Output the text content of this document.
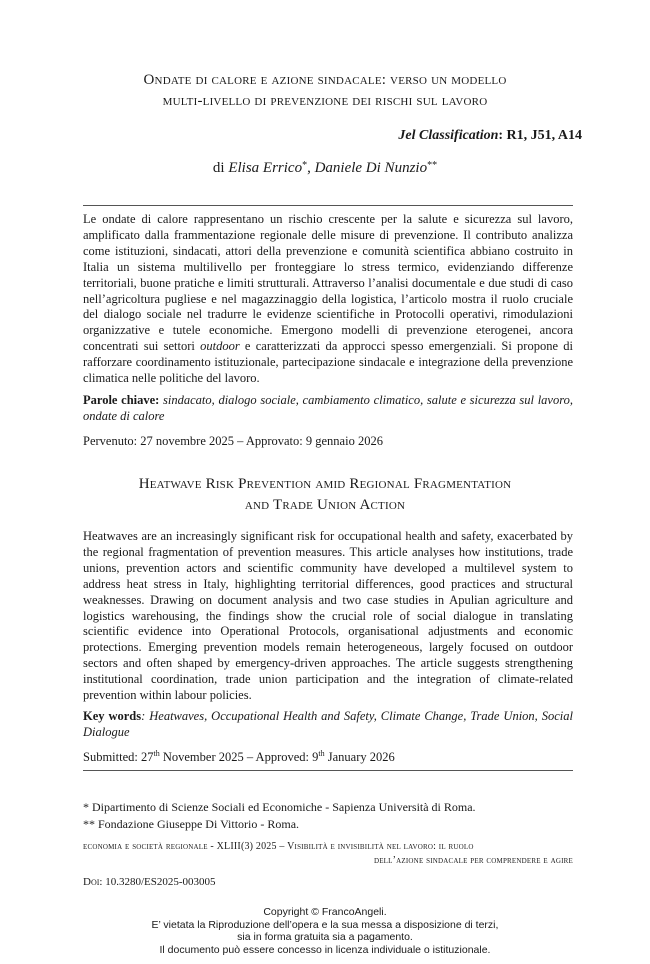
Ondate di calore e azione sindacale: verso un modello
multi-livello di prevenzione dei rischi sul lavoro
Jel Classification: R1, J51, A14
di Elisa Errico*, Daniele Di Nunzio**

Le ondate di calore rappresentano un rischio crescente per la salute e sicurezza sul lavoro, amplificato dalla frammentazione regionale delle misure di prevenzione. Il contributo analizza come istituzioni, sindacati, attori della prevenzione e comunità scientifica abbiano costruito in Italia un sistema multilivello per fronteggiare lo stress termico, evidenziando differenze territoriali, buone pratiche e limiti strutturali. Attraverso l’analisi documentale e due studi di caso nell’agricoltura pugliese e nel magazzinaggio della logistica, l’articolo mostra il ruolo cruciale del dialogo sociale nel tradurre le evidenze scientifiche in Protocolli operativi, rimodulazioni organizzative e tutele economiche. Emergono modelli di prevenzione eterogenei, ancora concentrati sui settori outdoor e caratterizzati da approcci spesso emergenziali. Si propone di rafforzare coordinamento istituzionale, partecipazione sindacale e integrazione della prevenzione climatica nelle politiche del lavoro.

Parole chiave: sindacato, dialogo sociale, cambiamento climatico, salute e sicurezza sul lavoro, ondate di calore
Pervenuto: 27 novembre 2025 – Approvato: 9 gennaio 2026
Heatwave Risk Prevention amid Regional Fragmentation
and Trade Union Action

Heatwaves are an increasingly significant risk for occupational health and safety, exacerbated by the regional fragmentation of prevention measures. This article analyses how institutions, trade unions, prevention actors and scientific community have developed a multilevel system to address heat stress in Italy, highlighting territorial differences, good practices and structural weaknesses. Drawing on document analysis and two case studies in Apulian agriculture and logistics warehousing, the findings show the crucial role of social dialogue in translating scientific evidence into Operational Protocols, organisational adjustments and economic protections. Emerging prevention models remain heterogeneous, largely focused on outdoor sectors and often shaped by emergency-driven approaches. The article suggests strengthening institutional coordination, trade union participation and the integration of climate-related prevention within labour policies.

Key words: Heatwaves, Occupational Health and Safety, Climate Change, Trade Union, Social Dialogue
Submitted: 27th November 2025 – Approved: 9th January 2026
* Dipartimento di Scienze Sociali ed Economiche - Sapienza Università di Roma.
** Fondazione Giuseppe Di Vittorio - Roma.
economia e società regionale - XLIII(3) 2025 – Visibilità e invisibilità nel lavoro: il ruolo
dell’azione sindacale per comprendere e agire
Doi: 10.3280/ES2025-003005
Copyright © FrancoAngeli.
E’ vietata la Riproduzione dell’opera e la sua messa a disposizione di terzi,
sia in forma gratuita sia a pagamento.
Il documento può essere concesso in licenza individuale o istituzionale.
